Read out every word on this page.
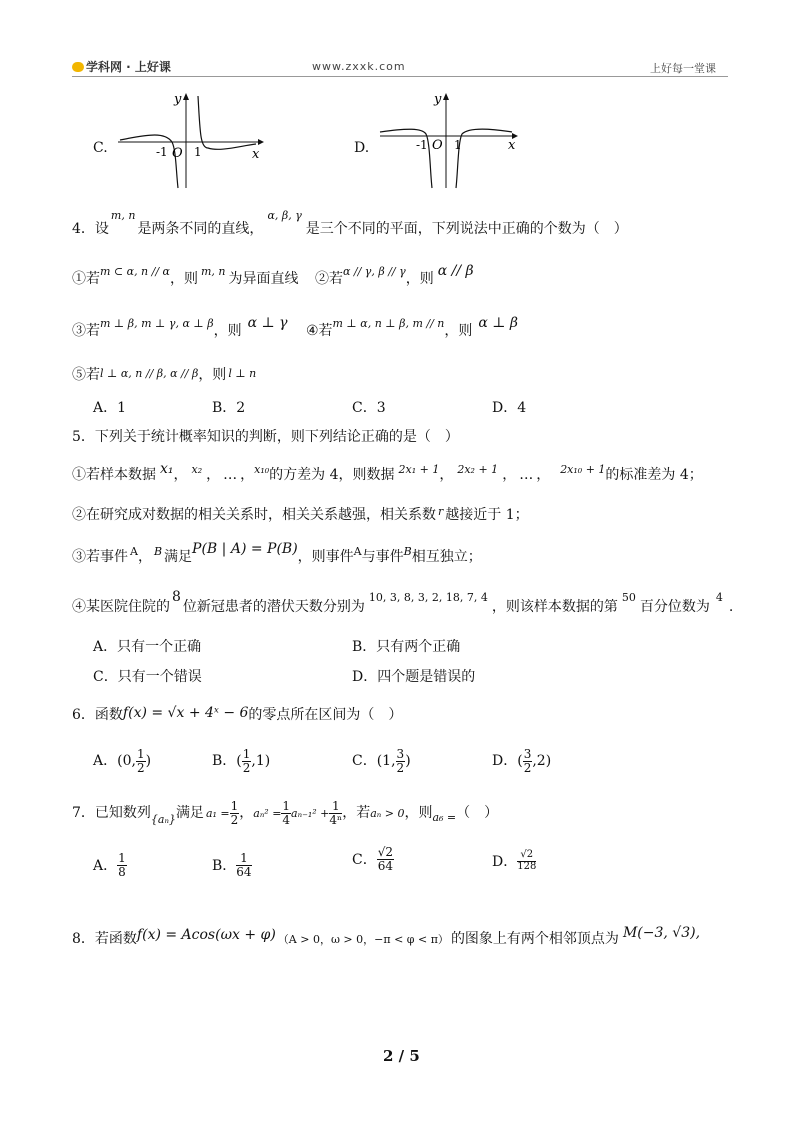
学科网 · 上好课	www.zxxk.com	上好每一堂课
C.
y
x
-1 O 1	D.
y
x
-1 O 1
4．设$^{m, n}$是两条不同的直线，$^{\alpha, \beta, \gamma}$是三个不同的平面，下列说法中正确的个数为（　）
①若$^{m \subset \alpha, n // \alpha}$，则 $^{m, n}$ 为异面直线 ②若$^{\alpha // \gamma, \beta // \gamma}$，则 α // β
③若$^{m \perp \beta, m \perp \gamma, \alpha \perp \beta}$，则 α ⊥ γ ④若$^{m \perp \alpha, n \perp \beta, m // n}$，则 α ⊥ β
⑤若l ⊥ α, n // β, α // β，则 l ⊥ n
A．1	B．2	C．3	D．4
5．下列关于统计概率知识的判断，则下列结论正确的是（　）
①若样本数据 x₁， $^{x_2}$ ， … ，$^{x_{10}}$的方差为 4，则数据 $^{2x_1 + 1}$， $^{2x_2 + 1}$ ， … ， $^{2x_{10} + 1}$的标准差为 4；
②在研究成对数据的相关关系时，相关关系越强，相关系数 $^r$ 越接近于 1；
③若事件 $^A$， $^B$ 满足P(B | A) = P(B)，则事件$^A$与事件$^B$相互独立；
④某医院住院的8位新冠患者的潜伏天数分别为$^{10, 3, 8, 3, 2, 18, 7, 4}$，则该样本数据的第$^{50}$百分位数为$^4$.
A．只有一个正确	B．只有两个正确
C．只有一个错误	D．四个题是错误的
6．函数f(x) = √x + 4ˣ − 6的零点所在区间为（　）
A．(0, $\frac{1}{2}$ )	B．( $\frac{1}{2} ,1$)	C．(1, $\frac{3}{2}$ )	D．( $\frac{3}{2} ,2$)
7．已知数列$_{\{a_n\}}$满足 $a_1 = \frac{1}{2}$ ，$a_n^2 = \frac{1}{4} a_{n-1}^2 + \frac{1}{\text{4ⁿ}}$ ，若aₙ > 0，则$_{a_6 =}$（　）
A． $\frac{1}{8}$	B． $\frac{1}{64}$	C． $\frac{√2}{64}$	D． $\frac{√2}{128}$
8．若函数f(x) = Acos(ωx + φ) （A > 0，ω > 0，−π < φ < π） 的图象上有两个相邻顶点为 M(−3, √3),
2 / 5
